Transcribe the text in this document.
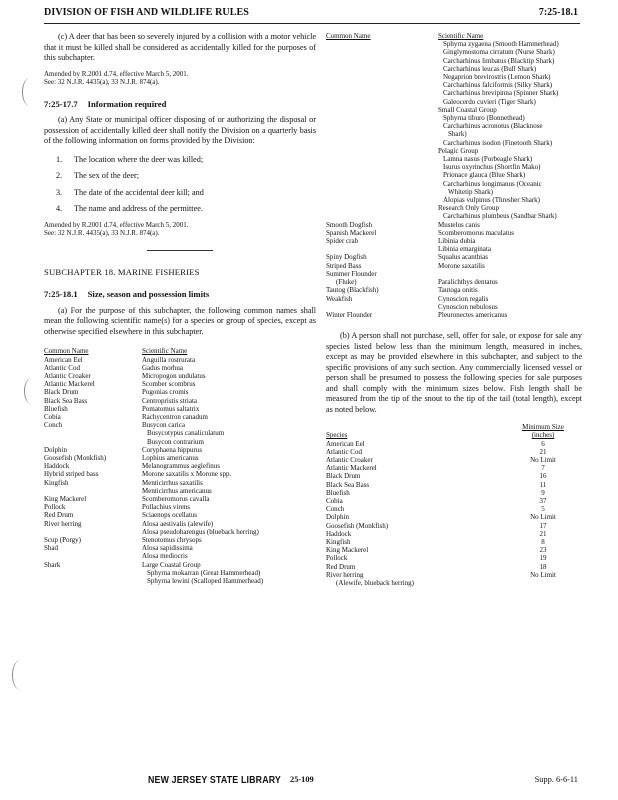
DIVISION OF FISH AND WILDLIFE RULES	7:25-18.1

(c) A deer that has been so severely injured by a collision with a motor vehicle that it must be killed shall be considered as accidentally killed for the purposes of this subchapter.

Amended by R.2001 d.74, effective March 5, 2001.

See: 32 N.J.R. 4435(a), 33 N.J.R. 874(a).

7:25-17.7 Information required

(a) Any State or municipal officer disposing of or authorizing the disposal or possession of accidentally killed deer shall notify the Division on a quarterly basis of the following information on forms provided by the Division:

1.	The location where the deer was killed;
2.	The sex of the deer;
3.	The date of the accidental deer kill; and
4.	The name and address of the permittee.

Amended by R.2001 d.74, effective March 5, 2001.

See: 32 N.J.R. 4435(a), 33 N.J.R. 874(a).

SUBCHAPTER 18. MARINE FISHERIES
7:25-18.1 Size, season and possession limits

(a) For the purpose of this subchapter, the following common names shall mean the following scientific name(s) for a species or group of species, except as otherwise specified elsewhere in this subchapter.

Common Name	Scientific Name
American Eel	Anguilla rostrurata
Atlantic Cod	Gadus morhua
Atlantic Croaker	Micropogon undulatus
Atlantic Mackerel	Scomber scombrus
Black Drum	Pogonias cromis
Black Sea Bass	Centropristis striata
Bluefish	Pomatomus saltatrix
Cobia	Rachycentron canadum
Conch	Busycon carica
	Busycotypus canaliculatum
	Busycon contrarium
Dolphin	Coryphaena hippurus
Goosefish (Monkfish)	Lophius americanus
Haddock	Melanogrammus aeglefinus
Hybrid striped bass	Morone saxatilis x Morone spp.
Kingfish	Menticirrhus saxatilis
	Menticirrhus americanus
King Mackerel	Scomberomorus cavalla
Pollock	Pollachius virens
Red Drum	Sciaenops ocellatus
River herring	Alosa aestivalis (alewife)
	Alosa pseudoharengus (blueback herring)
Scup (Porgy)	Stenotomus chrysops
Shad	Alosa sapidissima
	Alosa mediocris
Shark	Large Coastal Group
	Sphyrna mokarran (Great Hammerhead)
	Sphyrna lewini (Scalloped Hammerhead)
Common Name	Scientific Name
	Sphyrna zygaena (Smooth Hammerhead)
	Ginglymostoma cirratum (Nurse Shark)
	Carcharhinus limbatus (Blacktip Shark)
	Carcharhinus leucas (Bull Shark)
	Negaprion brevirostris (Lemon Shark)
	Carcharhinus falciformis (Silky Shark)
	Carcharhinus brevipinna (Spinner Shark)
	Galeocerdo cuvieri (Tiger Shark)
	Small Coastal Group
	Sphyrna tiburo (Bonnethead)
	Carcharhinus acronotus (Blacknose
	Shark)
	Carcharhinus isodon (Finetooth Shark)
	Pelagic Group
	Lamna nasus (Porbeagle Shark)
	Isurus oxyrinchus (Shortfin Mako)
	Prionace glauca (Blue Shark)
	Carcharhinus longimanus (Oceanic
	Whitetip Shark)
	Alopias vulpinus (Thresher Shark)
	Research Only Group
	Carcharhinus plumbeus (Sandbar Shark)
Smooth Dogfish	Mustelus canis
Spanish Mackerel	Scomberomorus maculatus
Spider crab	Libinia dubia
	Libinia emarginata
Spiny Dogfish	Squalus acanthias
Striped Bass	Morone saxatilis
Summer Flounder	
(Fluke)	Paralichthys dentatus
Tautog (Blackfish)	Tautoga onitis
Weakfish	Cynoscion regalis
	Cynoscion nebulosus
Winter Flounder	Pleuronectes americanus

(b) A person shall not purchase, sell, offer for sale, or expose for sale any species listed below less than the minimum length, measured in inches, except as may be provided elsewhere in this subchapter, and subject to the specific provisions of any such section. Any commercially licensed vessel or person shall be presumed to possess the following species for sale purposes and shall comply with the minimum sizes below. Fish length shall be measured from the tip of the snout to the tip of the tail (total length), except as noted below.

	Minimum Size
Species	(inches)
American Eel	6
Atlantic Cod	21
Atlantic Croaker	No Limit
Atlantic Mackerel	7
Black Drum	16
Black Sea Bass	11
Bluefish	9
Cobia	37
Conch	5
Dolphin	No Limit
Goosefish (Monkfish)	17
Haddock	21
Kingfish	8
King Mackerel	23
Pollock	19
Red Drum	18
River herring	No Limit
(Alewife, blueback herring)	
NEW JERSEY STATE LIBRARY 25-109	Supp. 6-6-11
